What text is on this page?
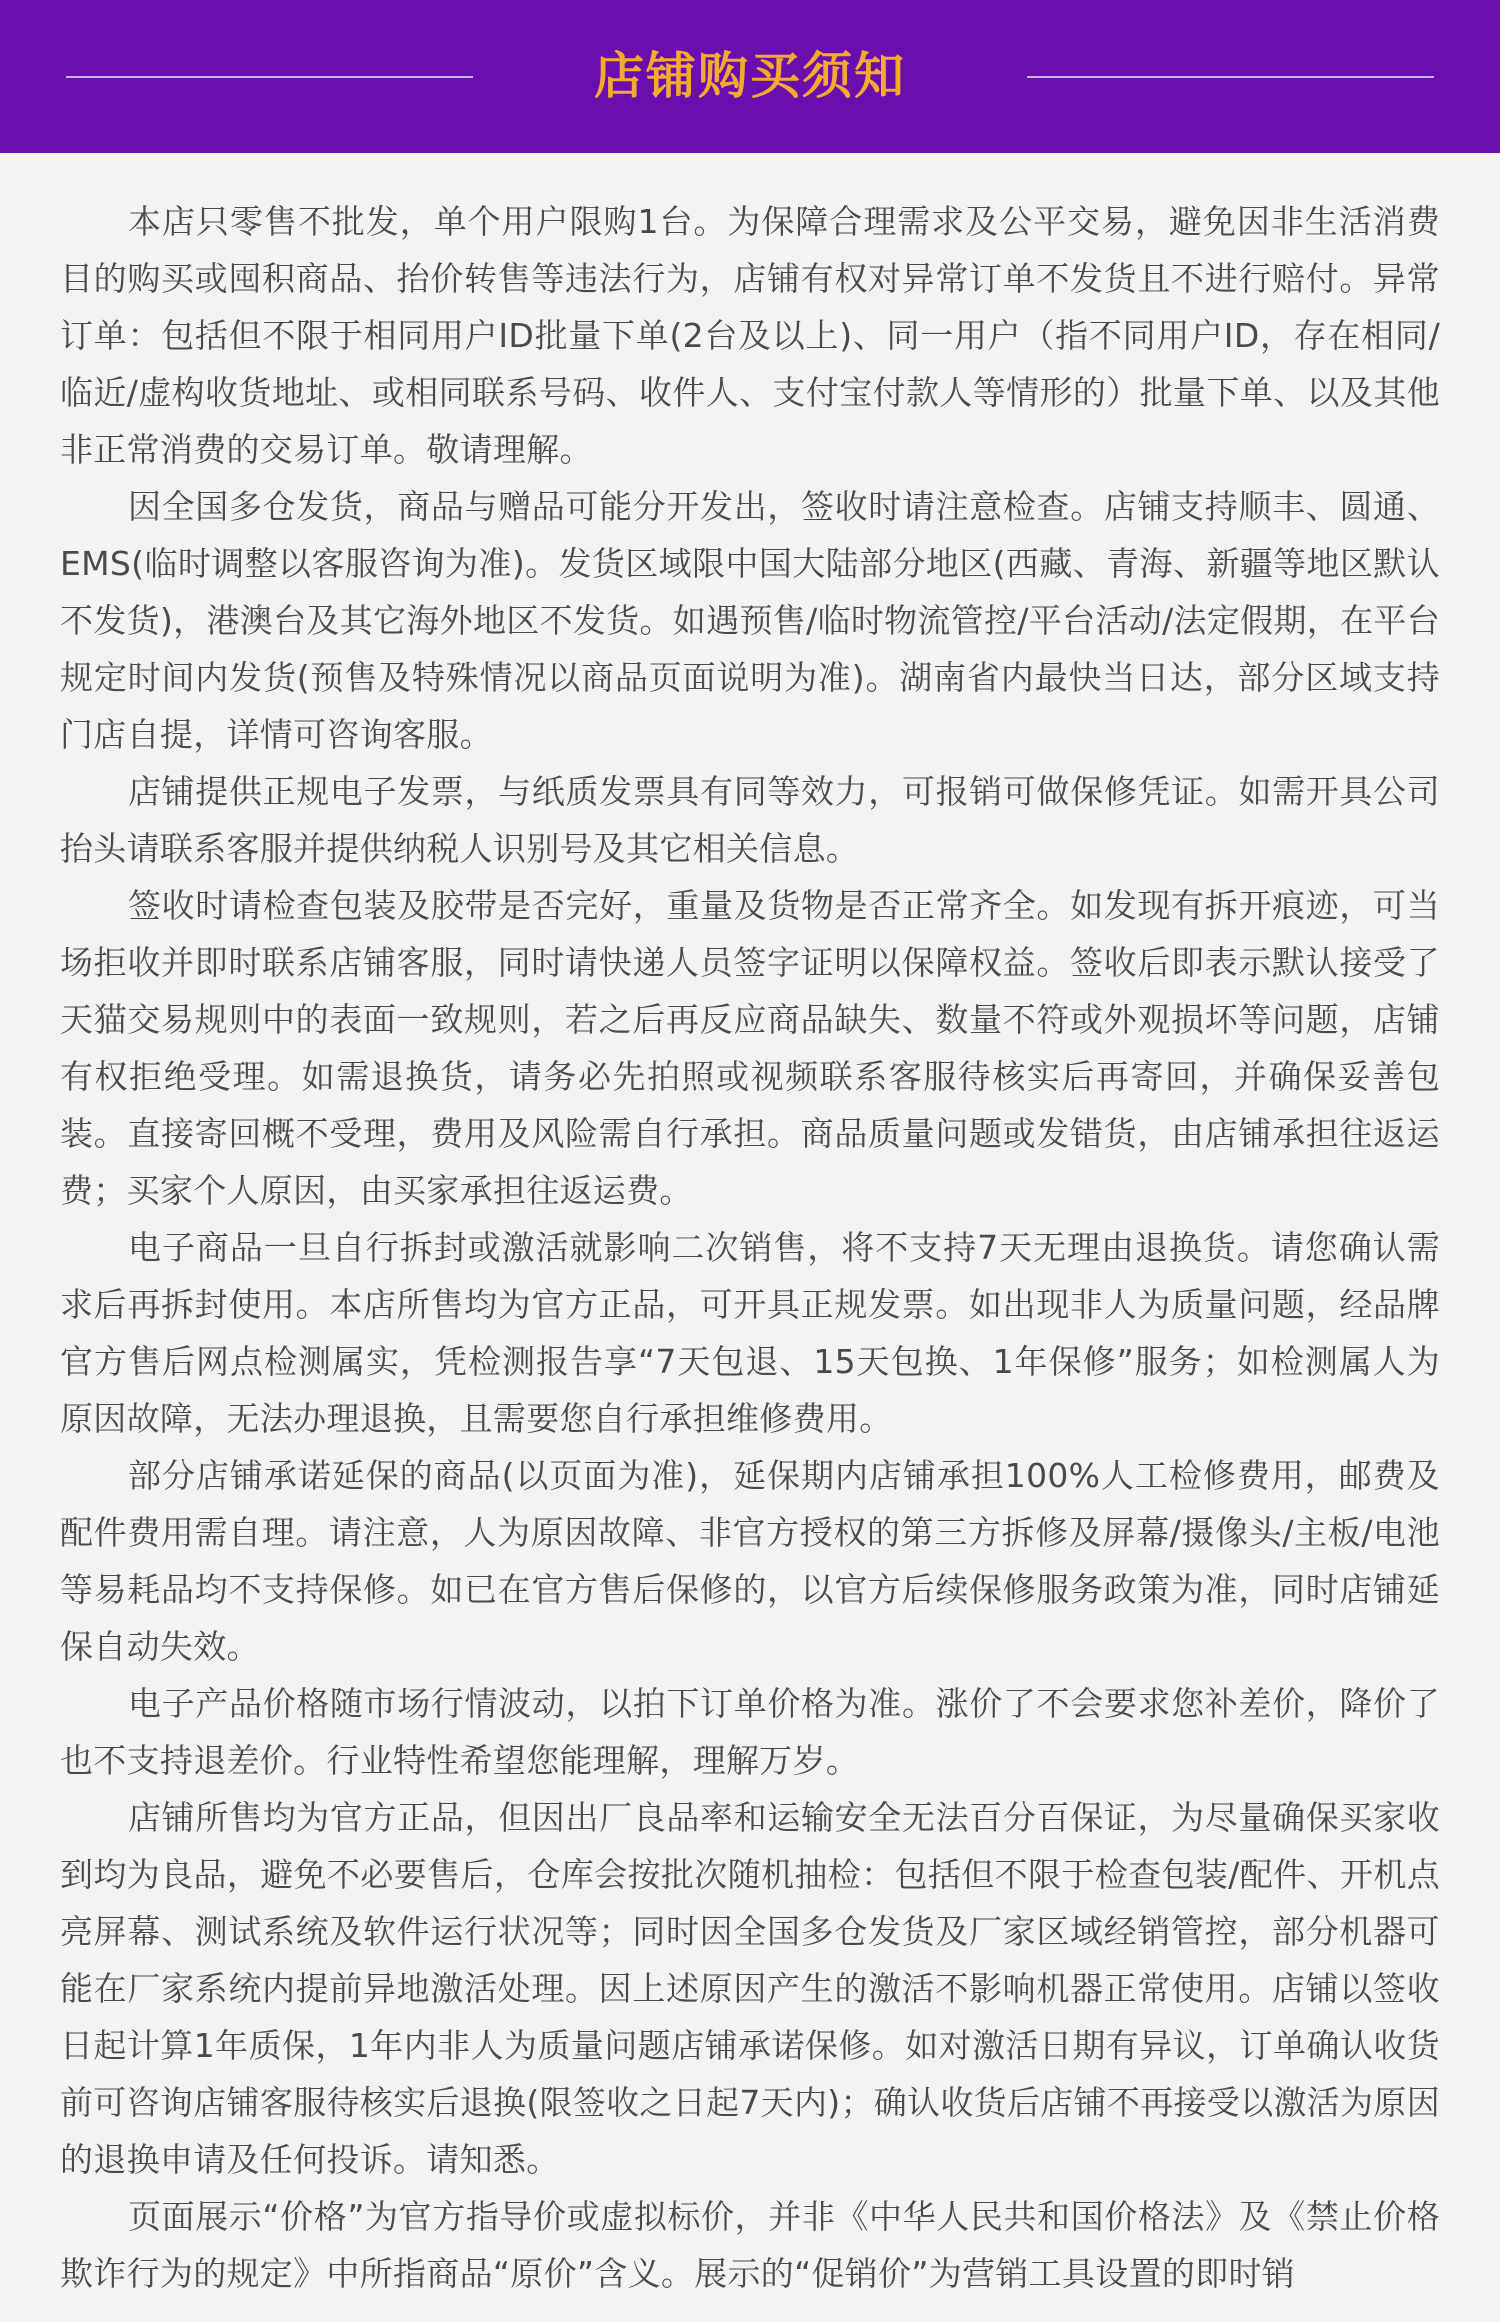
店铺购买须知

本店只零售不批发，单个用户限购1台。为保障合理需求及公平交易，避免因非生活消费目的购买或囤积商品、抬价转售等违法行为，店铺有权对异常订单不发货且不进行赔付。异常订单：包括但不限于相同用户ID批量下单(2台及以上)、同一用户（指不同用户ID，存在相同/临近/虚构收货地址、或相同联系号码、收件人、支付宝付款人等情形的）批量下单、以及其他非正常消费的交易订单。敬请理解。

因全国多仓发货，商品与赠品可能分开发出，签收时请注意检查。店铺支持顺丰、圆通、EMS(临时调整以客服咨询为准)。发货区域限中国大陆部分地区(西藏、青海、新疆等地区默认不发货)，港澳台及其它海外地区不发货。如遇预售/临时物流管控/平台活动/法定假期，在平台规定时间内发货(预售及特殊情况以商品页面说明为准)。湖南省内最快当日达，部分区域支持门店自提，详情可咨询客服。

店铺提供正规电子发票，与纸质发票具有同等效力，可报销可做保修凭证。如需开具公司抬头请联系客服并提供纳税人识别号及其它相关信息。

签收时请检查包装及胶带是否完好，重量及货物是否正常齐全。如发现有拆开痕迹，可当场拒收并即时联系店铺客服，同时请快递人员签字证明以保障权益。签收后即表示默认接受了天猫交易规则中的表面一致规则，若之后再反应商品缺失、数量不符或外观损坏等问题，店铺有权拒绝受理。如需退换货，请务必先拍照或视频联系客服待核实后再寄回，并确保妥善包装。直接寄回概不受理，费用及风险需自行承担。商品质量问题或发错货，由店铺承担往返运费；买家个人原因，由买家承担往返运费。

电子商品一旦自行拆封或激活就影响二次销售，将不支持7天无理由退换货。请您确认需求后再拆封使用。本店所售均为官方正品，可开具正规发票。如出现非人为质量问题，经品牌官方售后网点检测属实，凭检测报告享“7天包退、15天包换、1年保修”服务；如检测属人为原因故障，无法办理退换，且需要您自行承担维修费用。

部分店铺承诺延保的商品(以页面为准)，延保期内店铺承担100%人工检修费用，邮费及配件费用需自理。请注意，人为原因故障、非官方授权的第三方拆修及屏幕/摄像头/主板/电池等易耗品均不支持保修。如已在官方售后保修的，以官方后续保修服务政策为准，同时店铺延保自动失效。

电子产品价格随市场行情波动，以拍下订单价格为准。涨价了不会要求您补差价，降价了也不支持退差价。行业特性希望您能理解，理解万岁。

店铺所售均为官方正品，但因出厂良品率和运输安全无法百分百保证，为尽量确保买家收到均为良品，避免不必要售后，仓库会按批次随机抽检：包括但不限于检查包装/配件、开机点亮屏幕、测试系统及软件运行状况等；同时因全国多仓发货及厂家区域经销管控，部分机器可能在厂家系统内提前异地激活处理。因上述原因产生的激活不影响机器正常使用。店铺以签收日起计算1年质保，1年内非人为质量问题店铺承诺保修。如对激活日期有异议，订单确认收货前可咨询店铺客服待核实后退换(限签收之日起7天内)；确认收货后店铺不再接受以激活为原因的退换申请及任何投诉。请知悉。

页面展示“价格”为官方指导价或虚拟标价，并非《中华人民共和国价格法》及《禁止价格欺诈行为的规定》中所指商品“原价”含义。展示的“促销价”为营销工具设置的即时销
